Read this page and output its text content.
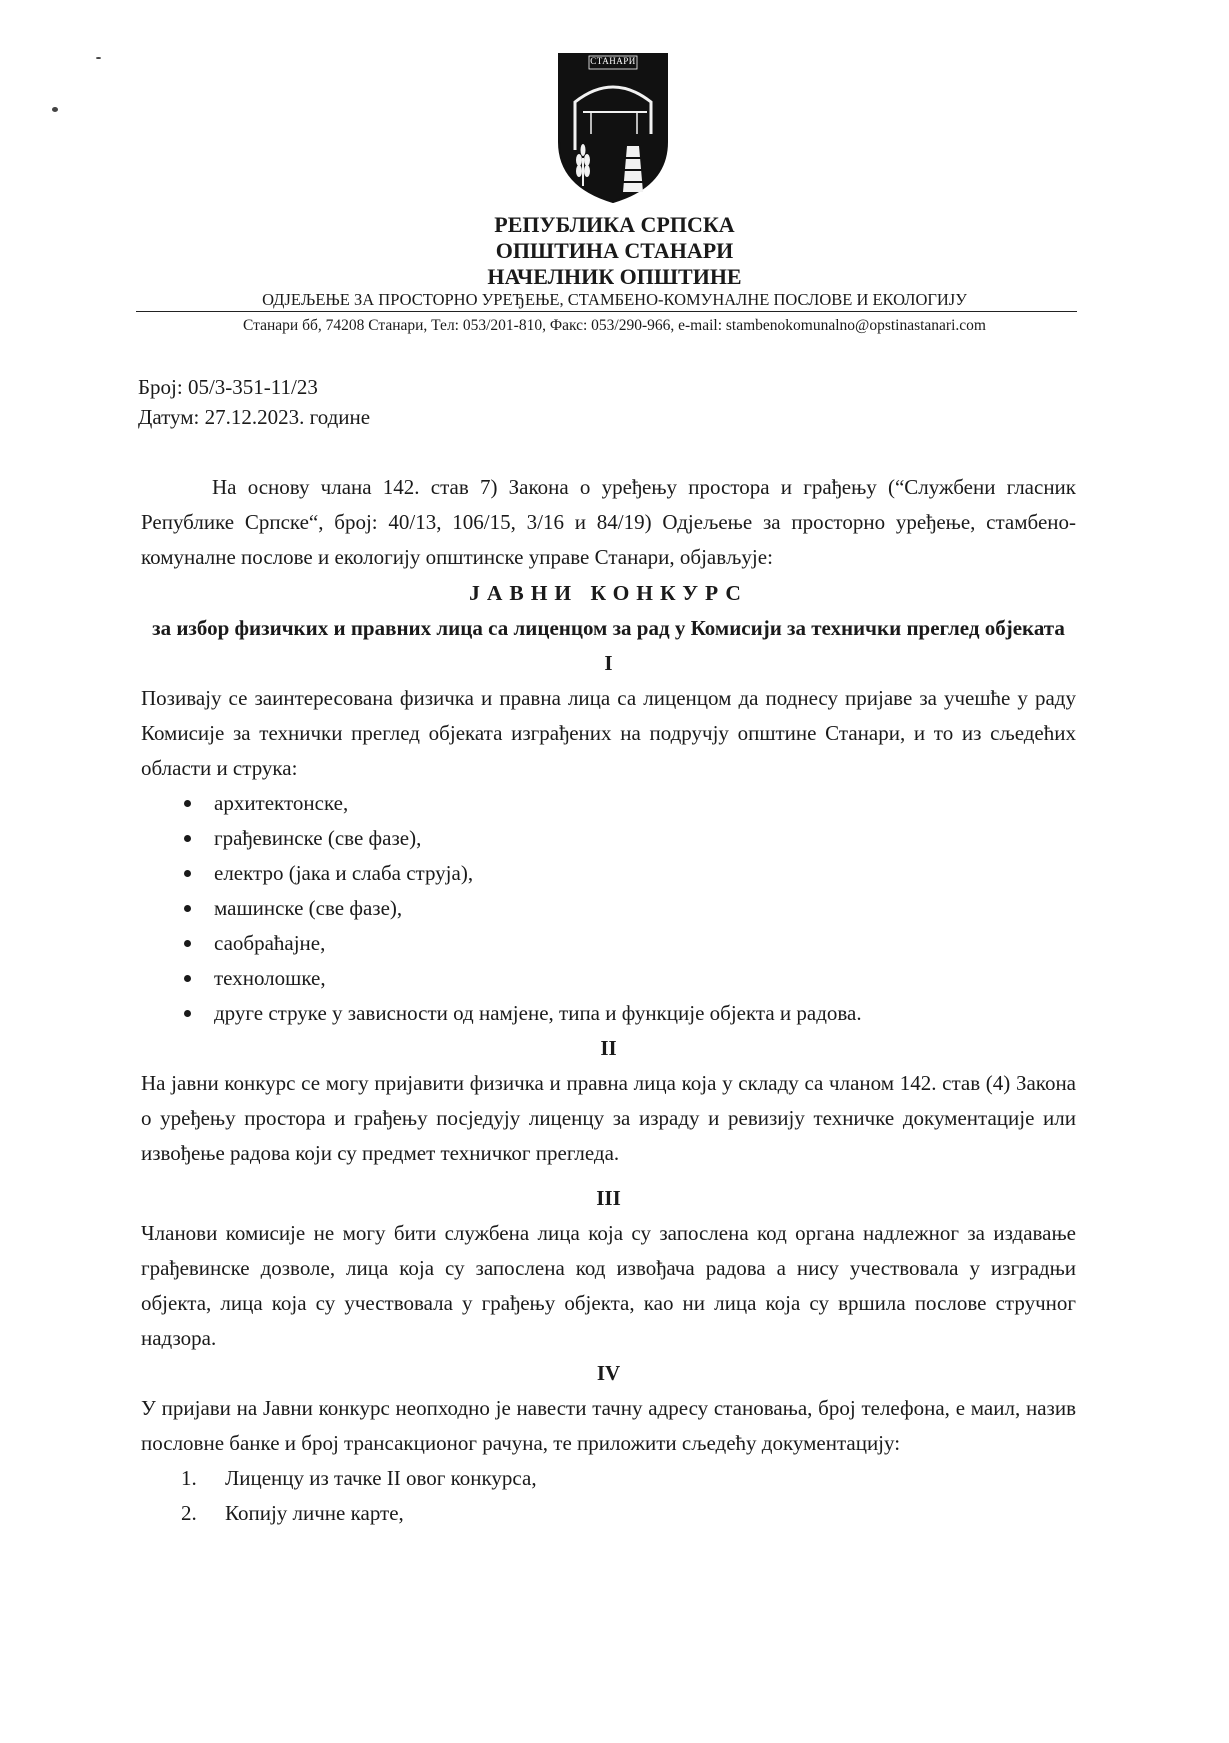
СТАНАРИ
РЕПУБЛИКА СРПСКА
ОПШТИНА СТАНАРИ
НАЧЕЛНИК ОПШТИНЕ
ОДЈЕЉЕЊЕ ЗА ПРОСТОРНО УРЕЂЕЊЕ, СТАМБЕНО-КОМУНАЛНЕ ПОСЛОВЕ И ЕКОЛОГИЈУ
Станари бб, 74208 Станари, Тел: 053/201-810, Факс: 053/290-966, e-mail: stambenokomunalno@opstinastanari.com
Број: 05/3-351-11/23
Датум: 27.12.2023. године

На основу члана 142. став 7) Закона о уређењу простора и грађењу (“Службени гласник Републике Српске“, број: 40/13, 106/15, 3/16 и 84/19) Одјељење за просторно уређење, стамбено-комуналне послове и екологију општинске управе Станари, објављује:

ЈАВНИ КОНКУРС
за избор физичких и правних лица са лиценцом за рад у Комисији за технички преглед објеката
I

Позивају се заинтересована физичка и правна лица са лиценцом да поднесу пријаве за учешће у раду Комисије за технички преглед објеката изграђених на подручју општине Станари, и то из сљедећих области и струка:

архитектонске,
грађевинске (све фазе),
електро (јака и слаба струја),
машинске (све фазе),
саобраћајне,
технолошке,
друге струке у зависности од намјене, типа и функције објекта и радова.
II

На јавни конкурс се могу пријавити физичка и правна лица која у складу са чланом 142. став (4) Закона о уређењу простора и грађењу посједују лиценцу за израду и ревизију техничке документације или извођење радова који су предмет техничког прегледа.

III

Чланови комисије не могу бити службена лица која су запослена код органа надлежног за издавање грађевинске дозволе, лица која су запослена код извођача радова а нису учествовала у изградњи објекта, лица која су учествовала у грађењу објекта, као ни лица која су вршила послове стручног надзора.

IV

У пријави на Јавни конкурс неопходно је навести тачну адресу становања, број телефона, е маил, назив пословне банке и број трансакционог рачуна, те приложити сљедећу документацију:

1. Лиценцу из тачке II овог конкурса,
2. Копију личне карте,
